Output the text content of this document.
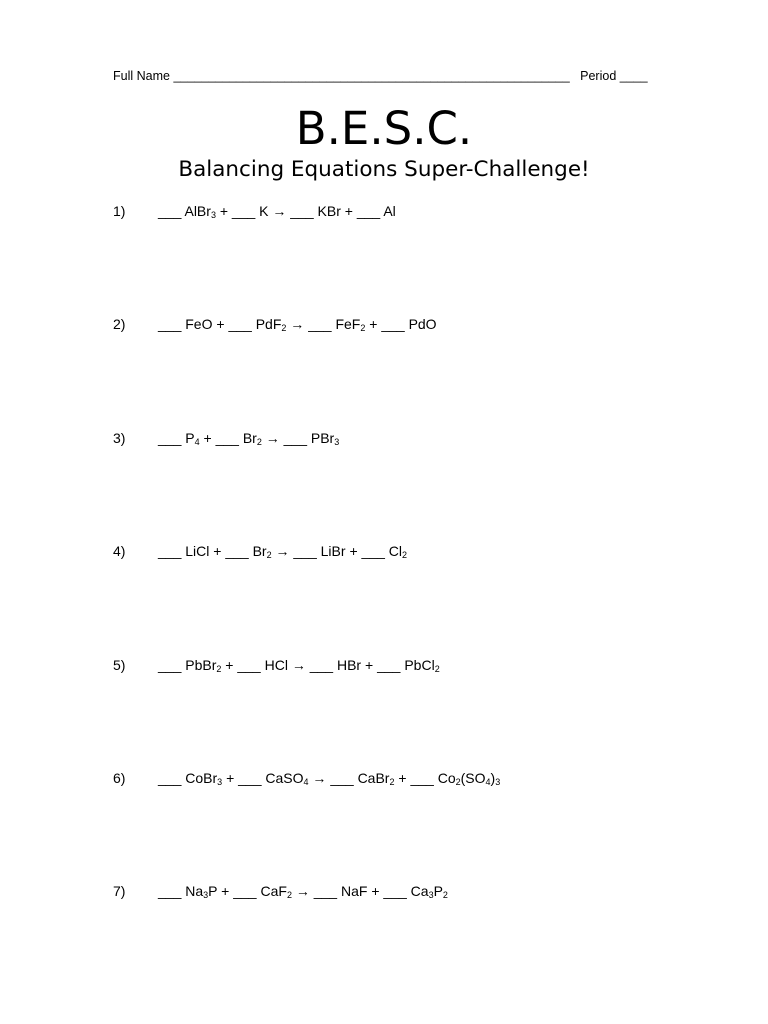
Full Name _________________________________________________________ Period ____
B.E.S.C.
Balancing Equations Super-Challenge!
1) ___ AlBr$_3$ + ___ K → ___ KBr + ___ Al
2) ___ FeO + ___ PdF$_2$ → ___ FeF$_2$ + ___ PdO
3) ___ $P_4$ + ___ $Br_2$ → ___ PBr$_3$
4) ___ LiCl + ___ $Br_2$ → ___ LiBr + ___ $Cl_2$
5) ___ PbBr$_2$ + ___ HCl → ___ HBr + ___ PbCl$_2$
6) ___ CoBr$_3$ + ___ CaSO$_4$ → ___ CaBr$_2$ + ___ $Co_2(SO_4)_3$
7) ___ $Na_3P$ + ___ CaF$_2$ → ___ NaF + ___ $Ca_3P_2$
